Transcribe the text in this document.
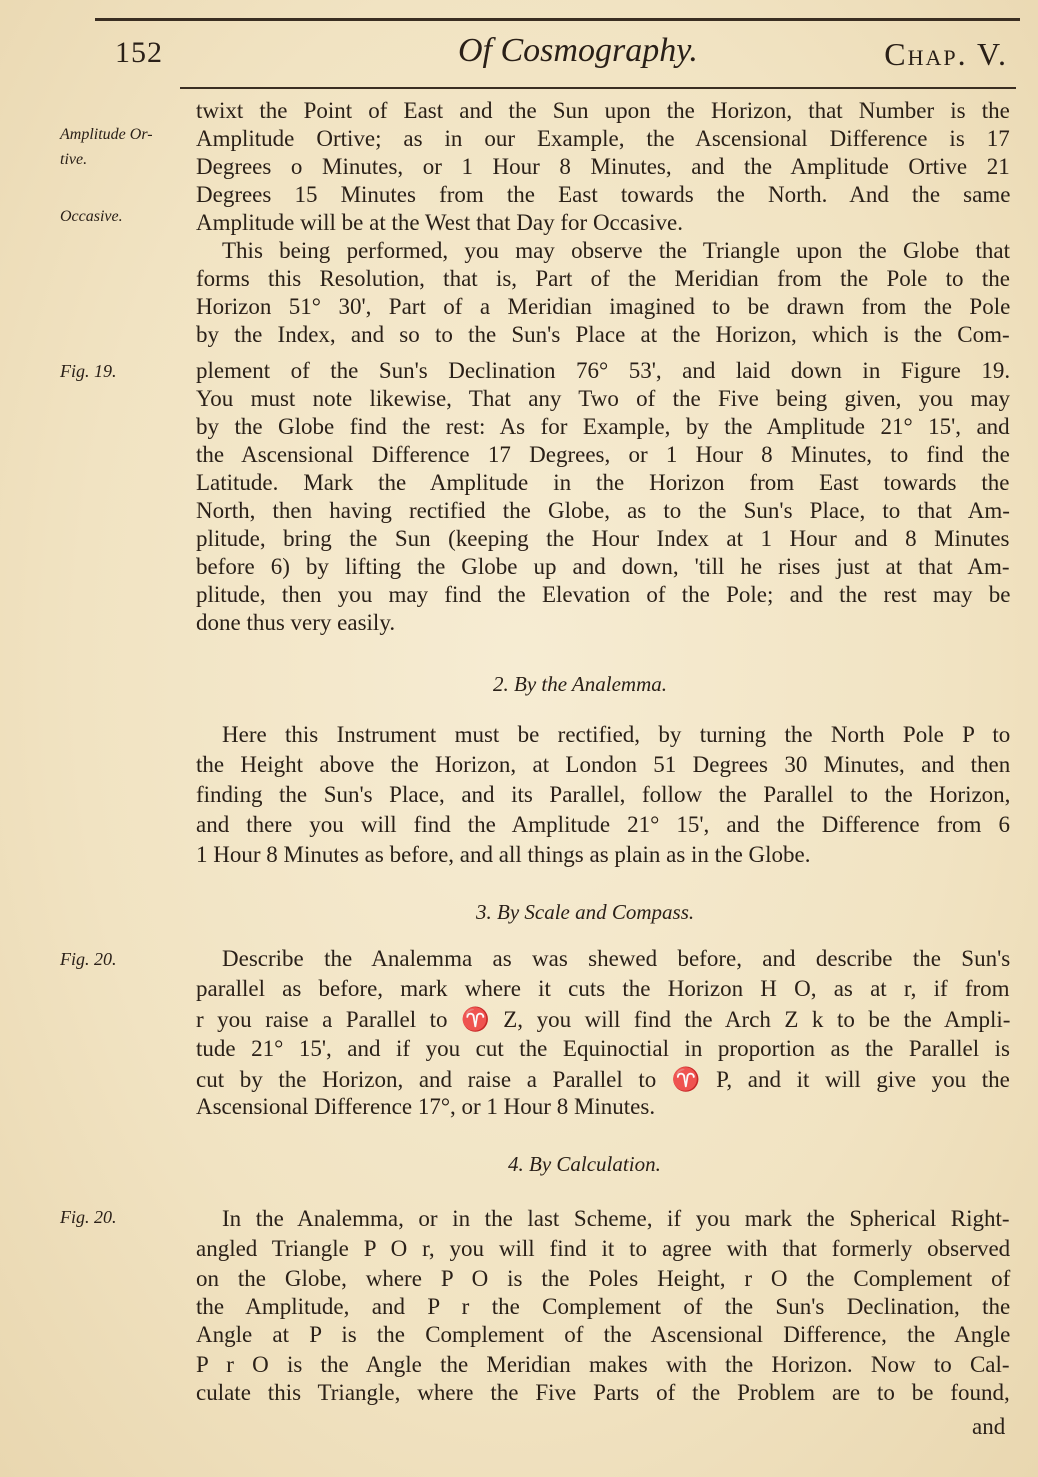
152	Of Cosmography.	Chap. V.
Amplitude Or-
tive.
Occasive.
Fig. 19.
Fig. 20.
Fig. 20.
twixt the Point of East and the Sun upon the Horizon, that Number is the
Amplitude Ortive; as in our Example, the Ascensional Difference is 17
Degrees o Minutes, or 1 Hour 8 Minutes, and the Amplitude Ortive 21
Degrees 15 Minutes from the East towards the North. And the same
Amplitude will be at the West that Day for Occasive.
This being performed, you may observe the Triangle upon the Globe that
forms this Resolution, that is, Part of the Meridian from the Pole to the
Horizon 51° 30', Part of a Meridian imagined to be drawn from the Pole
by the Index, and so to the Sun's Place at the Horizon, which is the Com-
plement of the Sun's Declination 76° 53', and laid down in Figure 19.
You must note likewise, That any Two of the Five being given, you may
by the Globe find the rest: As for Example, by the Amplitude 21° 15', and
the Ascensional Difference 17 Degrees, or 1 Hour 8 Minutes, to find the
Latitude. Mark the Amplitude in the Horizon from East towards the
North, then having rectified the Globe, as to the Sun's Place, to that Am-
plitude, bring the Sun (keeping the Hour Index at 1 Hour and 8 Minutes
before 6) by lifting the Globe up and down, 'till he rises just at that Am-
plitude, then you may find the Elevation of the Pole; and the rest may be
done thus very easily.
2. By the Analemma.
Here this Instrument must be rectified, by turning the North Pole P to
the Height above the Horizon, at London 51 Degrees 30 Minutes, and then
finding the Sun's Place, and its Parallel, follow the Parallel to the Horizon,
and there you will find the Amplitude 21° 15', and the Difference from 6
1 Hour 8 Minutes as before, and all things as plain as in the Globe.
3. By Scale and Compass.
Describe the Analemma as was shewed before, and describe the Sun's
parallel as before, mark where it cuts the Horizon H O, as at r, if from
r you raise a Parallel to ♈ Z, you will find the Arch Z k to be the Ampli-
tude 21° 15', and if you cut the Equinoctial in proportion as the Parallel is
cut by the Horizon, and raise a Parallel to ♈ P, and it will give you the
Ascensional Difference 17°, or 1 Hour 8 Minutes.
4. By Calculation.
In the Analemma, or in the last Scheme, if you mark the Spherical Right-
angled Triangle P O r, you will find it to agree with that formerly observed
on the Globe, where P O is the Poles Height, r O the Complement of
the Amplitude, and P r the Complement of the Sun's Declination, the
Angle at P is the Complement of the Ascensional Difference, the Angle
P r O is the Angle the Meridian makes with the Horizon. Now to Cal-
culate this Triangle, where the Five Parts of the Problem are to be found,
and
